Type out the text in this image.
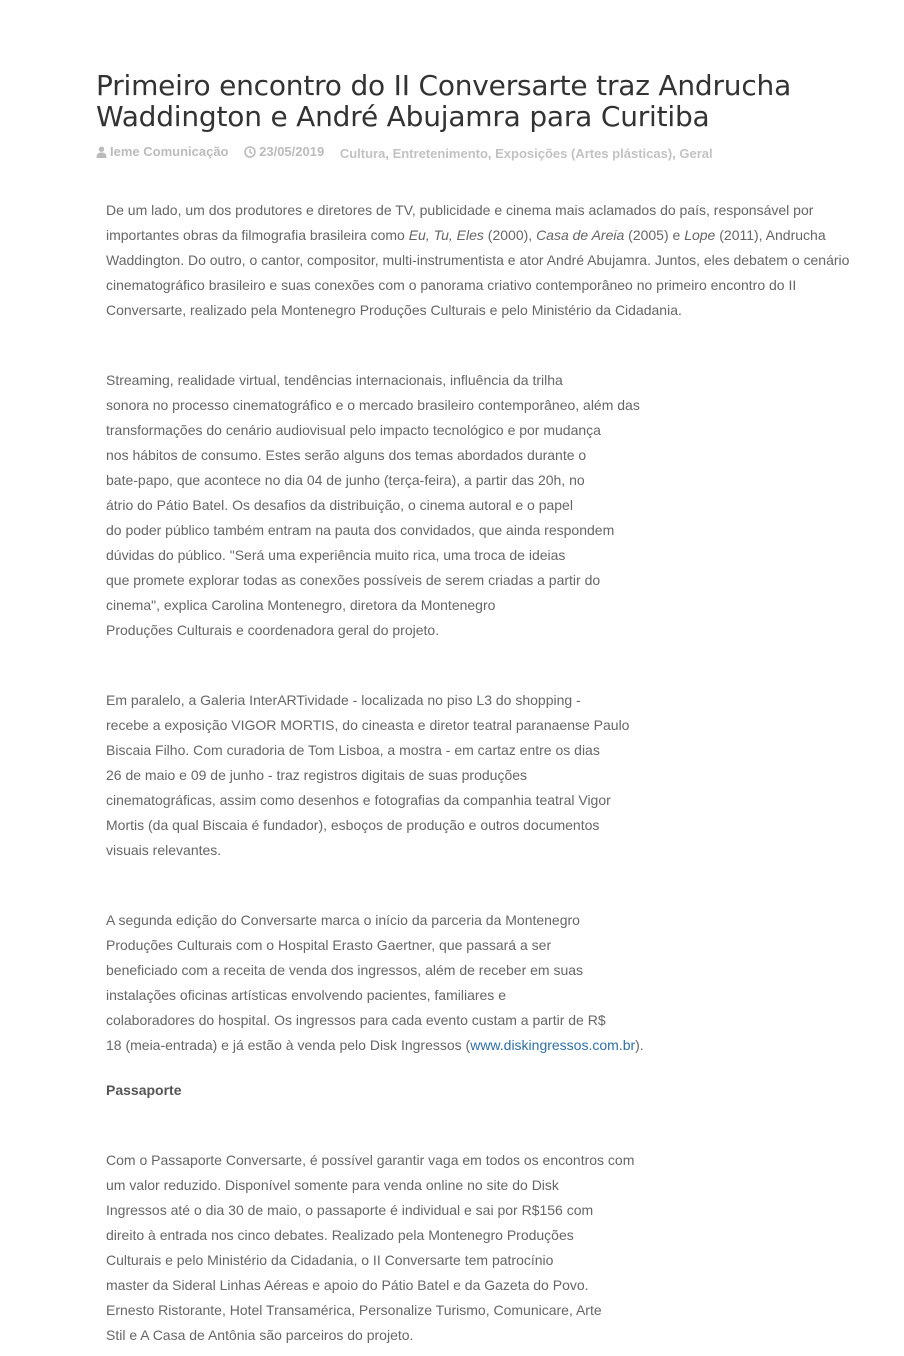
Primeiro encontro do II Conversarte traz Andrucha Waddington e André Abujamra para Curitiba
Ieme Comunicação
23/05/2019 Cultura, Entretenimento, Exposições (Artes plásticas), Geral

De um lado, um dos produtores e diretores de TV, publicidade e cinema mais aclamados do país, responsável por
importantes obras da filmografia brasileira como Eu, Tu, Eles (2000), Casa de Areia (2005) e Lope (2011), Andrucha
Waddington. Do outro, o cantor, compositor, multi-instrumentista e ator André Abujamra. Juntos, eles debatem o cenário
cinematográfico brasileiro e suas conexões com o panorama criativo contemporâneo no primeiro encontro do II
Conversarte, realizado pela Montenegro Produções Culturais e pelo Ministério da Cidadania.

Streaming, realidade virtual, tendências internacionais, influência da trilha
sonora no processo cinematográfico e o mercado brasileiro contemporâneo, além das
transformações do cenário audiovisual pelo impacto tecnológico e por mudança
nos hábitos de consumo. Estes serão alguns dos temas abordados durante o
bate-papo, que acontece no dia 04 de junho (terça-feira), a partir das 20h, no
átrio do Pátio Batel. Os desafios da distribuição, o cinema autoral e o papel
do poder público também entram na pauta dos convidados, que ainda respondem
dúvidas do público. "Será uma experiência muito rica, uma troca de ideias
que promete explorar todas as conexões possíveis de serem criadas a partir do
cinema", explica Carolina Montenegro, diretora da Montenegro
Produções Culturais e coordenadora geral do projeto.

Em paralelo, a Galeria InterARTividade - localizada no piso L3 do shopping -
recebe a exposição VIGOR MORTIS, do cineasta e diretor teatral paranaense Paulo
Biscaia Filho. Com curadoria de Tom Lisboa, a mostra - em cartaz entre os dias
26 de maio e 09 de junho - traz registros digitais de suas produções
cinematográficas, assim como desenhos e fotografias da companhia teatral Vigor
Mortis (da qual Biscaia é fundador), esboços de produção e outros documentos
visuais relevantes.

A segunda edição do Conversarte marca o início da parceria da Montenegro
Produções Culturais com o Hospital Erasto Gaertner, que passará a ser
beneficiado com a receita de venda dos ingressos, além de receber em suas
instalações oficinas artísticas envolvendo pacientes, familiares e
colaboradores do hospital. Os ingressos para cada evento custam a partir de R$
18 (meia-entrada) e já estão à venda pelo Disk Ingressos (www.diskingressos.com.br).

Passaporte

Com o Passaporte Conversarte, é possível garantir vaga em todos os encontros com
um valor reduzido. Disponível somente para venda online no site do Disk
Ingressos até o dia 30 de maio, o passaporte é individual e sai por R$156 com
direito à entrada nos cinco debates. Realizado pela Montenegro Produções
Culturais e pelo Ministério da Cidadania, o II Conversarte tem patrocínio
master da Sideral Linhas Aéreas e apoio do Pátio Batel e da Gazeta do Povo.
Ernesto Ristorante, Hotel Transamérica, Personalize Turismo, Comunicare, Arte
Stil e A Casa de Antônia são parceiros do projeto.
